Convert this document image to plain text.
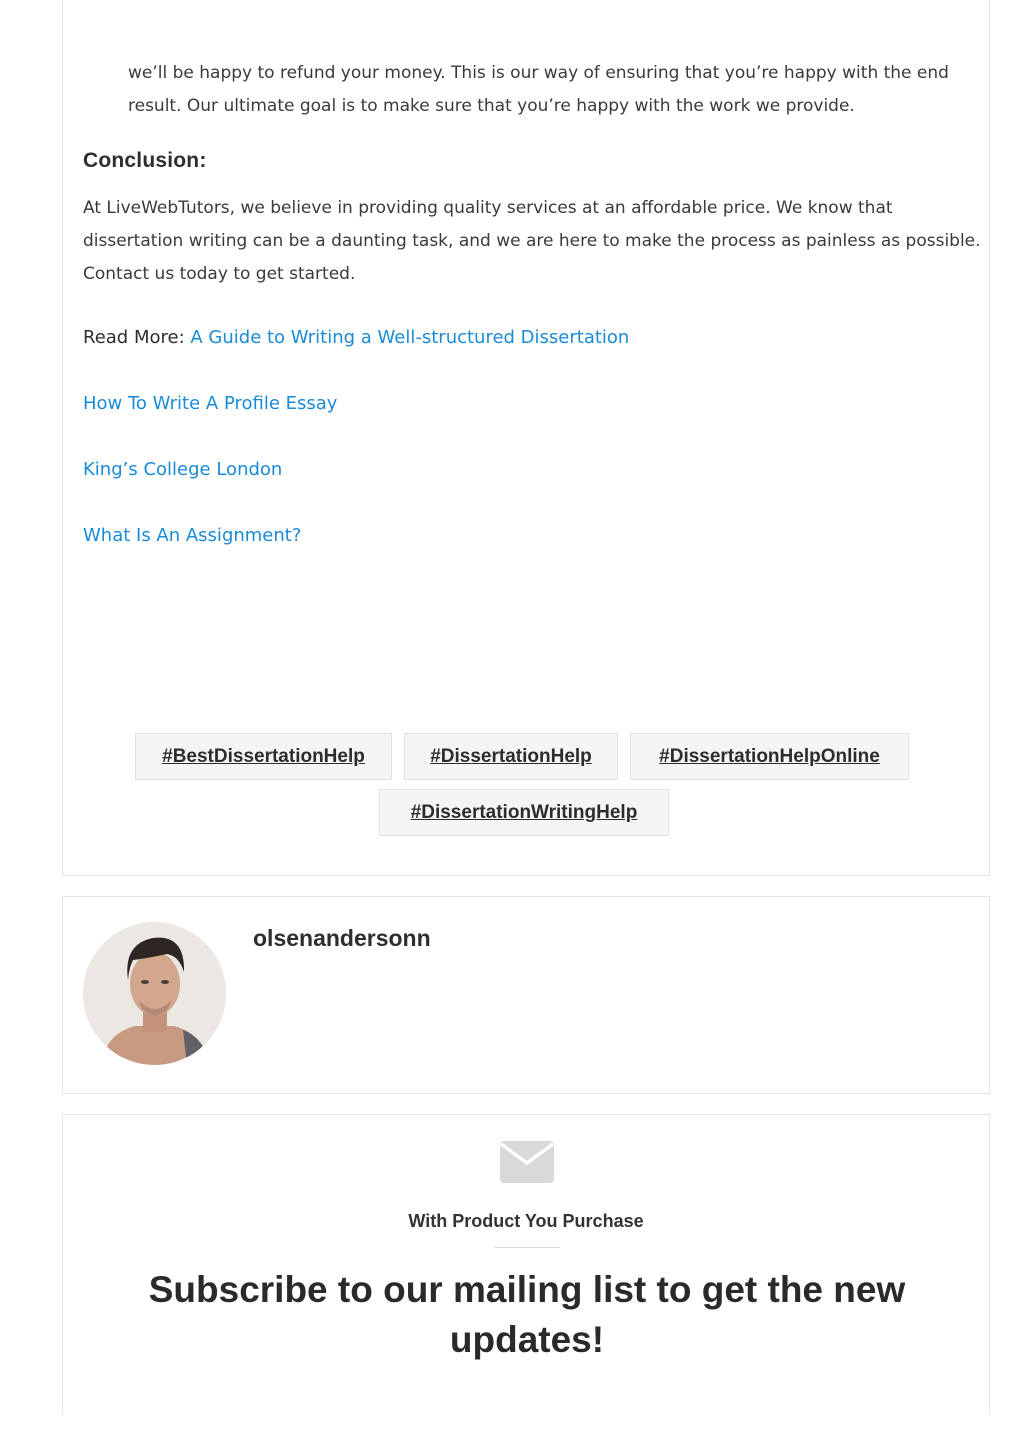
we’ll be happy to refund your money. This is our way of ensuring that you’re happy with the end result. Our ultimate goal is to make sure that you’re happy with the work we provide.

Conclusion:

At LiveWebTutors, we believe in providing quality services at an affordable price. We know that dissertation writing can be a daunting task, and we are here to make the process as painless as possible. Contact us today to get started.

Read More: A Guide to Writing a Well-structured Dissertation

How To Write A Profile Essay

King’s College London

What Is An Assignment?

#BestDissertationHelp	#DissertationHelp	#DissertationHelpOnline
#DissertationWritingHelp
olsenandersonn

With Product You Purchase

Subscribe to our mailing list to get the new updates!
